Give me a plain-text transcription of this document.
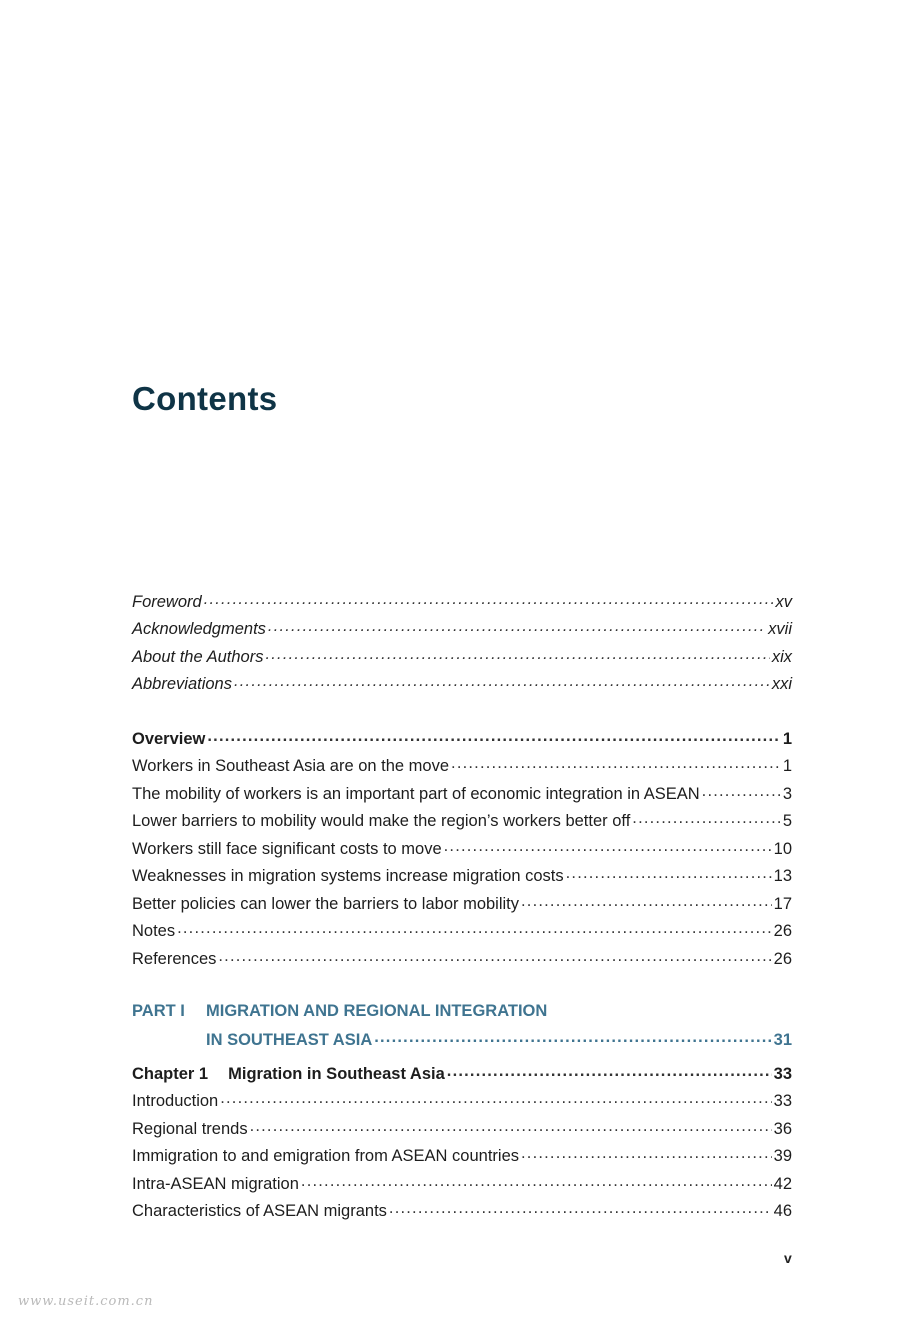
Contents
Foreword .....	xv
Acknowledgments .....	xvii
About the Authors .....	xix
Abbreviations .....	xxi
Overview .....	1
Workers in Southeast Asia are on the move .....	1
The mobility of workers is an important part of economic integration in ASEAN .....	3
Lower barriers to mobility would make the region’s workers better off .....	5
Workers still face significant costs to move .....	10
Weaknesses in migration systems increase migration costs .....	13
Better policies can lower the barriers to labor mobility .....	17
Notes .....	26
References .....	26
PART I	MIGRATION AND REGIONAL INTEGRATION
IN SOUTHEAST ASIA .....	31
Chapter 1 Migration in Southeast Asia .....	33
Introduction .....	33
Regional trends .....	36
Immigration to and emigration from ASEAN countries .....	39
Intra-ASEAN migration .....	42
Characteristics of ASEAN migrants .....	46
v
www.useit.com.cn
